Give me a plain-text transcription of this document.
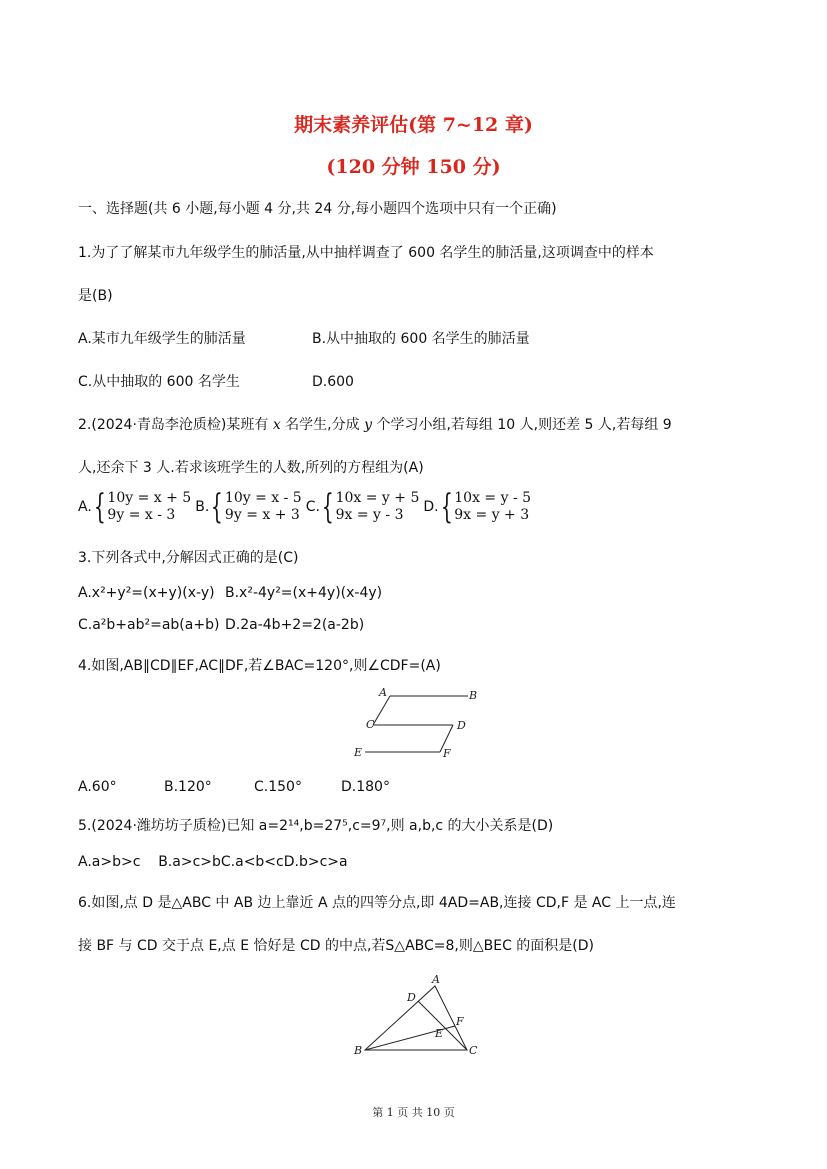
期末素养评估(第 7~12 章)
(120 分钟 150 分)
一、选择题(共 6 小题,每小题 4 分,共 24 分,每小题四个选项中只有一个正确)
1.为了了解某市九年级学生的肺活量,从中抽样调查了 600 名学生的肺活量,这项调查中的样本
是(B)
A.某市九年级学生的肺活量	B.从中抽取的 600 名学生的肺活量
C.从中抽取的 600 名学生	D.600
2.(2024·青岛李沧质检)某班有 x 名学生,分成 y 个学习小组,若每组 10 人,则还差 5 人,若每组 9
人,还余下 3 人.若求该班学生的人数,所列的方程组为(A)
A. { 10y = x + 5
9y = x - 3	B. { 10y = x - 5
9y = x + 3 C. { 10x = y + 5
9x = y - 3	D. { 10x = y - 5
9x = y + 3
3.下列各式中,分解因式正确的是(C)
A.x²+y²=(x+y)(x-y) B.x²-4y²=(x+4y)(x-4y)
C.a²b+ab²=ab(a+b) D.2a-4b+2=2(a-2b)
4.如图,AB∥CD∥EF,AC∥DF,若∠BAC=120°,则∠CDF=(A)
A	B
C	D
E	F
A.60°	B.120°	C.150°	D.180°
5.(2024·潍坊坊子质检)已知 a=2¹⁴,b=27⁵,c=9⁷,则 a,b,c 的大小关系是(D)
A.a>b>c    B.a>c>bC.a<b<cD.b>c>a
6.如图,点 D 是△ABC 中 AB 边上靠近 A 点的四等分点,即 4AD=AB,连接 CD,F 是 AC 上一点,连
接 BF 与 CD 交于点 E,点 E 恰好是 CD 的中点,若S△ABC=8,则△BEC 的面积是(D)
A
B	C
D
E
F
第 1 页 共 10 页
